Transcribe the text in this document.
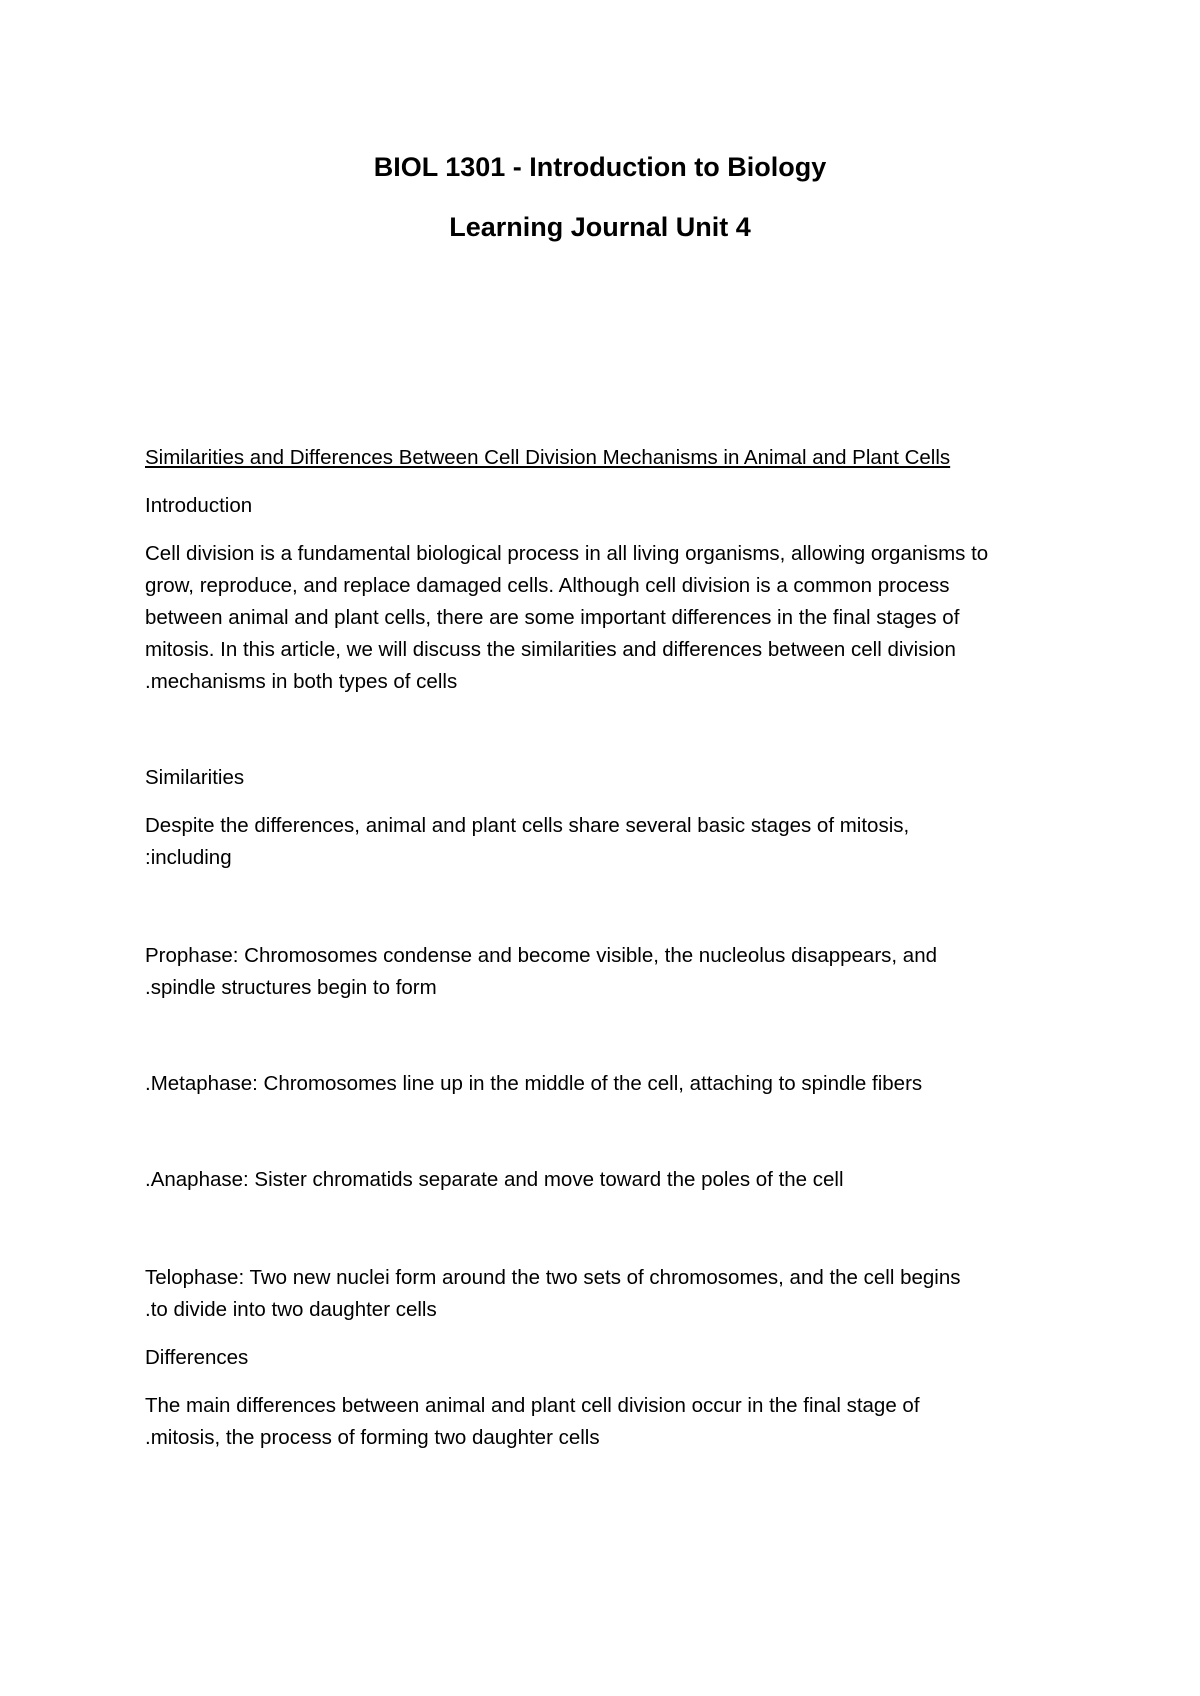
BIOL 1301 - Introduction to Biology
Learning Journal Unit 4

Similarities and Differences Between Cell Division Mechanisms in Animal and Plant Cells

Introduction

Cell division is a fundamental biological process in all living organisms, allowing organisms to

grow, reproduce, and replace damaged cells. Although cell division is a common process

between animal and plant cells, there are some important differences in the final stages of

mitosis. In this article, we will discuss the similarities and differences between cell division

.mechanisms in both types of cells

Similarities

Despite the differences, animal and plant cells share several basic stages of mitosis,

:including

Prophase: Chromosomes condense and become visible, the nucleolus disappears, and

.spindle structures begin to form

.Metaphase: Chromosomes line up in the middle of the cell, attaching to spindle fibers

.Anaphase: Sister chromatids separate and move toward the poles of the cell

Telophase: Two new nuclei form around the two sets of chromosomes, and the cell begins

.to divide into two daughter cells

Differences

The main differences between animal and plant cell division occur in the final stage of

.mitosis, the process of forming two daughter cells
